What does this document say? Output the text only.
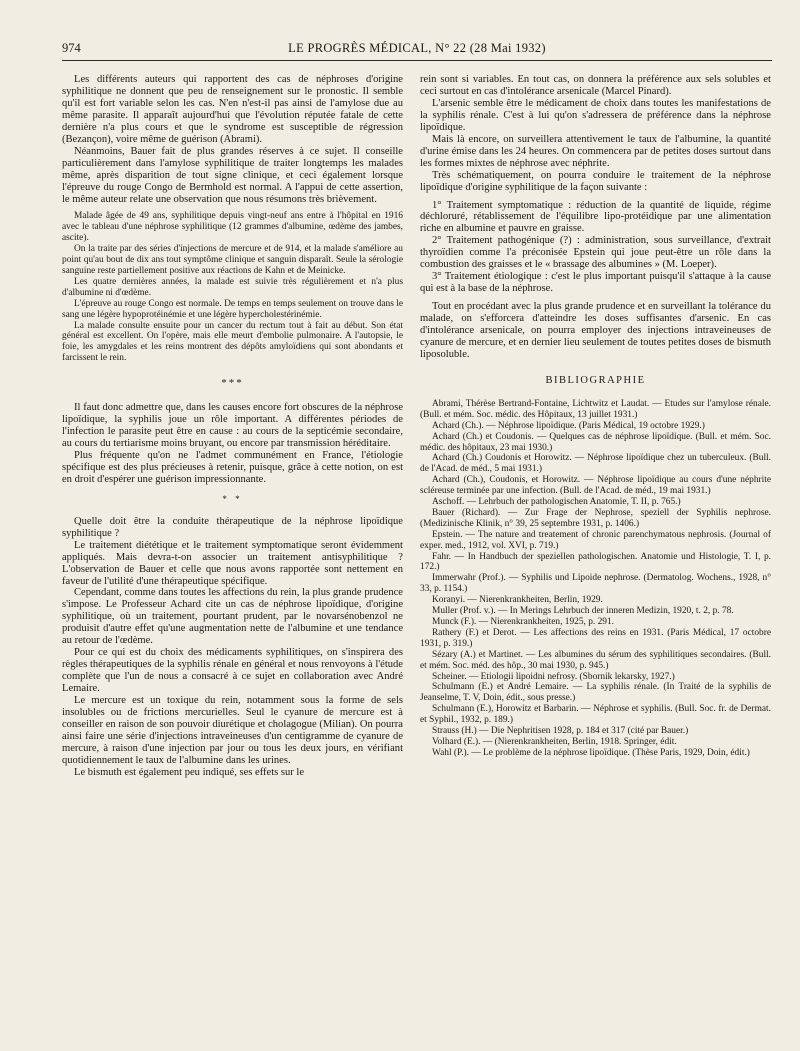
974	LE PROGRÈS MÉDICAL, N° 22 (28 Mai 1932)

Les différents auteurs qui rapportent des cas de néphroses d'origine syphilitique ne donnent que peu de renseignement sur le pronostic. Il semble qu'il est fort variable selon les cas. N'en n'est-il pas ainsi de l'amylose due au même parasite. Il apparaît aujourd'hui que l'évolution réputée fatale de cette dernière n'a plus cours et que le syndrome est susceptible de régression (Bezançon), voire même de guérison (Abrami).

Néanmoins, Bauer fait de plus grandes réserves à ce sujet. Il conseille particulièrement dans l'amylose syphilitique de traiter longtemps les malades même, après disparition de tout signe clinique, et ceci également lorsque l'épreuve du rouge Congo de Bermhold est normal. A l'appui de cette assertion, le même auteur relate une observation que nous résumons très brièvement.

Malade âgée de 49 ans, syphilitique depuis vingt-neuf ans entre à l'hôpital en 1916 avec le tableau d'une néphrose syphilitique (12 grammes d'albumine, œdème des jambes, ascite).

On la traite par des séries d'injections de mercure et de 914, et la malade s'améliore au point qu'au bout de dix ans tout symptôme clinique et sanguin disparaît. Seule la sérologie sanguine reste partiellement positive aux réactions de Kahn et de Meinicke.

Les quatre dernières années, la malade est suivie très régulièrement et n'a plus d'albumine ni d'œdème.

L'épreuve au rouge Congo est normale. De temps en temps seulement on trouve dans le sang une légère hypoprotéinémie et une légère hypercholestérinémie.

La malade consulte ensuite pour un cancer du rectum tout à fait au début. Son état général est excellent. On l'opère, mais elle meurt d'embolie pulmonaire. A l'autopsie, le foie, les amygdales et les reins montrent des dépôts amyloïdiens qui sont abondants et farcissent le rein.

***

Il faut donc admettre que, dans les causes encore fort obscures de la néphrose lipoïdique, la syphilis joue un rôle important. A différentes périodes de l'infection le parasite peut être en cause : au cours de la septicémie secondaire, au cours du tertiarisme moins bruyant, ou encore par transmission héréditaire.

Plus fréquente qu'on ne l'admet communément en France, l'étiologie spécifique est des plus précieuses à retenir, puisque, grâce à cette notion, on est en droit d'espérer une guérison impressionnante.

* *

Quelle doit être la conduite thérapeutique de la néphrose lipoïdique syphilitique ?

Le traitement diététique et le traitement symptomatique seront évidemment appliqués. Mais devra-t-on associer un traitement antisyphilitique ? L'observation de Bauer et celle que nous avons rapportée sont nettement en faveur de l'utilité d'une thérapeutique spécifique.

Cependant, comme dans toutes les affections du rein, la plus grande prudence s'impose. Le Professeur Achard cite un cas de néphrose lipoïdique, d'origine syphilitique, où un traitement, pourtant prudent, par le novarsénobenzol ne produisit d'autre effet qu'une augmentation nette de l'albumine et une tendance au retour de l'œdème.

Pour ce qui est du choix des médicaments syphilitiques, on s'inspirera des règles thérapeutiques de la syphilis rénale en général et nous renvoyons à l'étude complète que l'un de nous a consacré à ce sujet en collaboration avec André Lemaire.

Le mercure est un toxique du rein, notamment sous la forme de sels insolubles ou de frictions mercurielles. Seul le cyanure de mercure est à conseiller en raison de son pouvoir diurétique et cholagogue (Milian). On pourra ainsi faire une série d'injections intraveineuses d'un centigramme de cyanure de mercure, à raison d'une injection par jour ou tous les deux jours, en vérifiant quotidiennement le taux de l'albumine dans les urines.

Le bismuth est également peu indiqué, ses effets sur le

rein sont si variables. En tout cas, on donnera la préférence aux sels solubles et ceci surtout en cas d'intolérance arsenicale (Marcel Pinard).

L'arsenic semble être le médicament de choix dans toutes les manifestations de la syphilis rénale. C'est à lui qu'on s'adressera de préférence dans la néphrose lipoïdique.

Mais là encore, on surveillera attentivement le taux de l'albumine, la quantité d'urine émise dans les 24 heures. On commencera par de petites doses surtout dans les formes mixtes de néphrose avec néphrite.

Très schématiquement, on pourra conduire le traitement de la néphrose lipoïdique d'origine syphilitique de la façon suivante :

1° Traitement symptomatique : réduction de la quantité de liquide, régime déchloruré, rétablissement de l'équilibre lipo-protéidique par une alimentation riche en albumine et pauvre en graisse.

2° Traitement pathogénique (?) : administration, sous surveillance, d'extrait thyroïdien comme l'a préconisée Epstein qui joue peut-être un rôle dans la combustion des graisses et le « brassage des albumines » (M. Loeper).

3° Traitement étiologique : c'est le plus important puisqu'il s'attaque à la cause qui est à la base de la néphrose.

Tout en procédant avec la plus grande prudence et en surveillant la tolérance du malade, on s'efforcera d'atteindre les doses suffisantes d'arsenic. En cas d'intolérance arsenicale, on pourra employer des injections intraveineuses de cyanure de mercure, et en dernier lieu seulement de toutes petites doses de bismuth liposoluble.

BIBLIOGRAPHIE

Abrami, Thérèse Bertrand-Fontaine, Lichtwitz et Laudat. — Etudes sur l'amylose rénale. (Bull. et mém. Soc. médic. des Hôpitaux, 13 juillet 1931.)

Achard (Ch.). — Néphrose lipoïdique. (Paris Médical, 19 octobre 1929.)

Achard (Ch.) et Coudonis. — Quelques cas de néphrose lipoïdique. (Bull. et mém. Soc. médic. des hôpitaux, 23 mai 1930.)

Achard (Ch.) Coudonis et Horowitz. — Néphrose lipoïdique chez un tuberculeux. (Bull. de l'Acad. de méd., 5 mai 1931.)

Achard (Ch.), Coudonis, et Horowitz. — Néphrose lipoïdique au cours d'une néphrite scléreuse terminée par une infection. (Bull. de l'Acad. de méd., 19 mai 1931.)

Aschoff. — Lehrbuch der pathologischen Anatomie, T. II, p. 765.)

Bauer (Richard). — Zur Frage der Nephrose, speziell der Syphilis nephrose. (Medizinische Klinik, n° 39, 25 septembre 1931, p. 1406.)

Epstein. — The nature and treatement of chronic parenchymatous nephrosis. (Journal of exper. med., 1912, vol. XVI, p. 719.)

Fahr. — In Handbuch der speziellen pathologischen. Anatomie und Histologie, T. I, p. 172.)

Immerwahr (Prof.). — Syphilis und Lipoide nephrose. (Dermatolog. Wochens., 1928, n° 33, p. 1154.)

Koranyi. — Nierenkrankheiten, Berlin, 1929.

Muller (Prof. v.). — In Merings Lehrbuch der inneren Medizin, 1920, t. 2, p. 78.

Munck (F.). — Nierenkrankheiten, 1925, p. 291.

Rathery (F.) et Derot. — Les affections des reins en 1931. (Paris Médical, 17 octobre 1931, p. 319.)

Sézary (A.) et Martinet. — Les albumines du sérum des syphilitiques secondaires. (Bull. et mém. Soc. méd. des hôp., 30 mai 1930, p. 945.)

Scheiner. — Etiologii lipoidni nefrosy. (Sbornik lekarsky, 1927.)

Schulmann (E.) et André Lemaire. — La syphilis rénale. (In Traité de la syphilis de Jeanselme, T. V, Doin, édit., sous presse.)

Schulmann (E.), Horowitz et Barbarin. — Néphrose et syphilis. (Bull. Soc. fr. de Dermat. et Syphil., 1932, p. 189.)

Strauss (H.) — Die Nephritisen 1928, p. 184 et 317 (cité par Bauer.)

Volhard (E.). — (Nierenkrankheiten, Berlin, 1918. Springer, édit.

Wahl (P.). — Le problème de la néphrose lipoïdique. (Thèse Paris, 1929, Doin, édit.)
